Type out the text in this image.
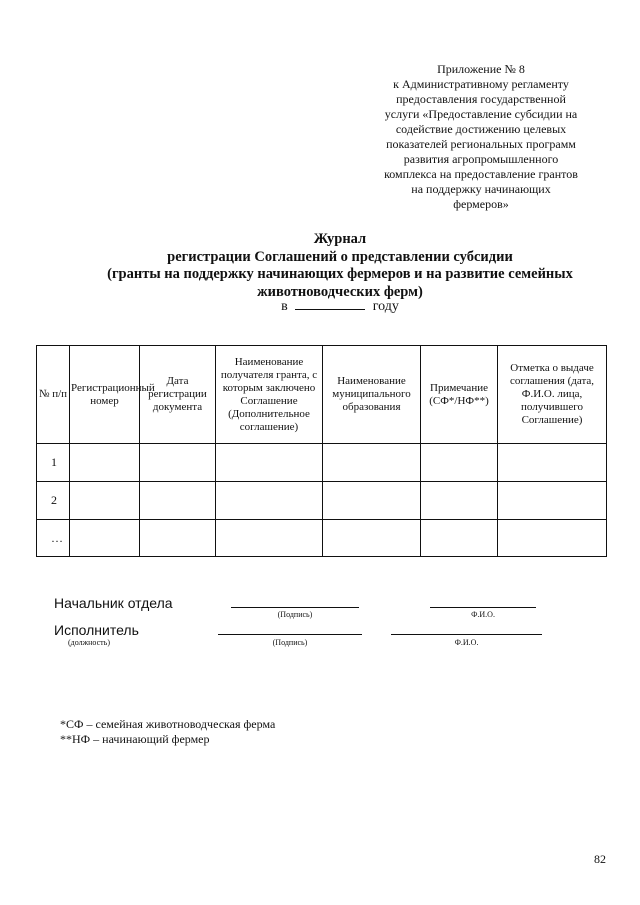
Приложение № 8
к Административному регламенту
предоставления государственной
услуги «Предоставление субсидии на
содействие достижению целевых
показателей региональных программ
развития агропромышленного
комплекса на предоставление грантов
на поддержку начинающих
фермеров»
Журнал
регистрации Соглашений о представлении субсидии
(гранты на поддержку начинающих фермеров и на развитие семейных
животноводческих ферм)
в	году
№ п/п	Регистрационный номер	Дата регистрации документа	Наименование получателя гранта, с которым заключено Соглашение (Дополнительное соглашение)	Наименование муниципального образования	Примечание (СФ*/НФ**)	Отметка о выдаче соглашения (дата, Ф.И.О. лица, получившего Соглашение)
1						
2						
…						
Начальник отдела
(Подпись)	Ф.И.О.
Исполнитель
(должность)	(Подпись)	Ф.И.О.
*СФ – семейная животноводческая ферма
**НФ – начинающий фермер
82
